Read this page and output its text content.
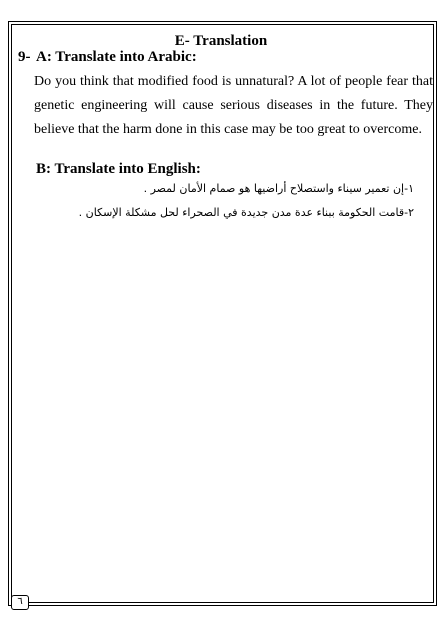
E- Translation
9- A: Translate into Arabic:
Do you think that modified food is unnatural? A lot of people fear that genetic engineering will cause serious diseases in the future. They believe that the harm done in this case may be too great to overcome.
B: Translate into English:
١-إن تعمير سيناء واستصلاح أراضيها هو صمام الأمان لمصر .
٢-قامت الحكومة ببناء عدة مدن جديدة في الصحراء لحل مشكلة الإسكان .
٦
